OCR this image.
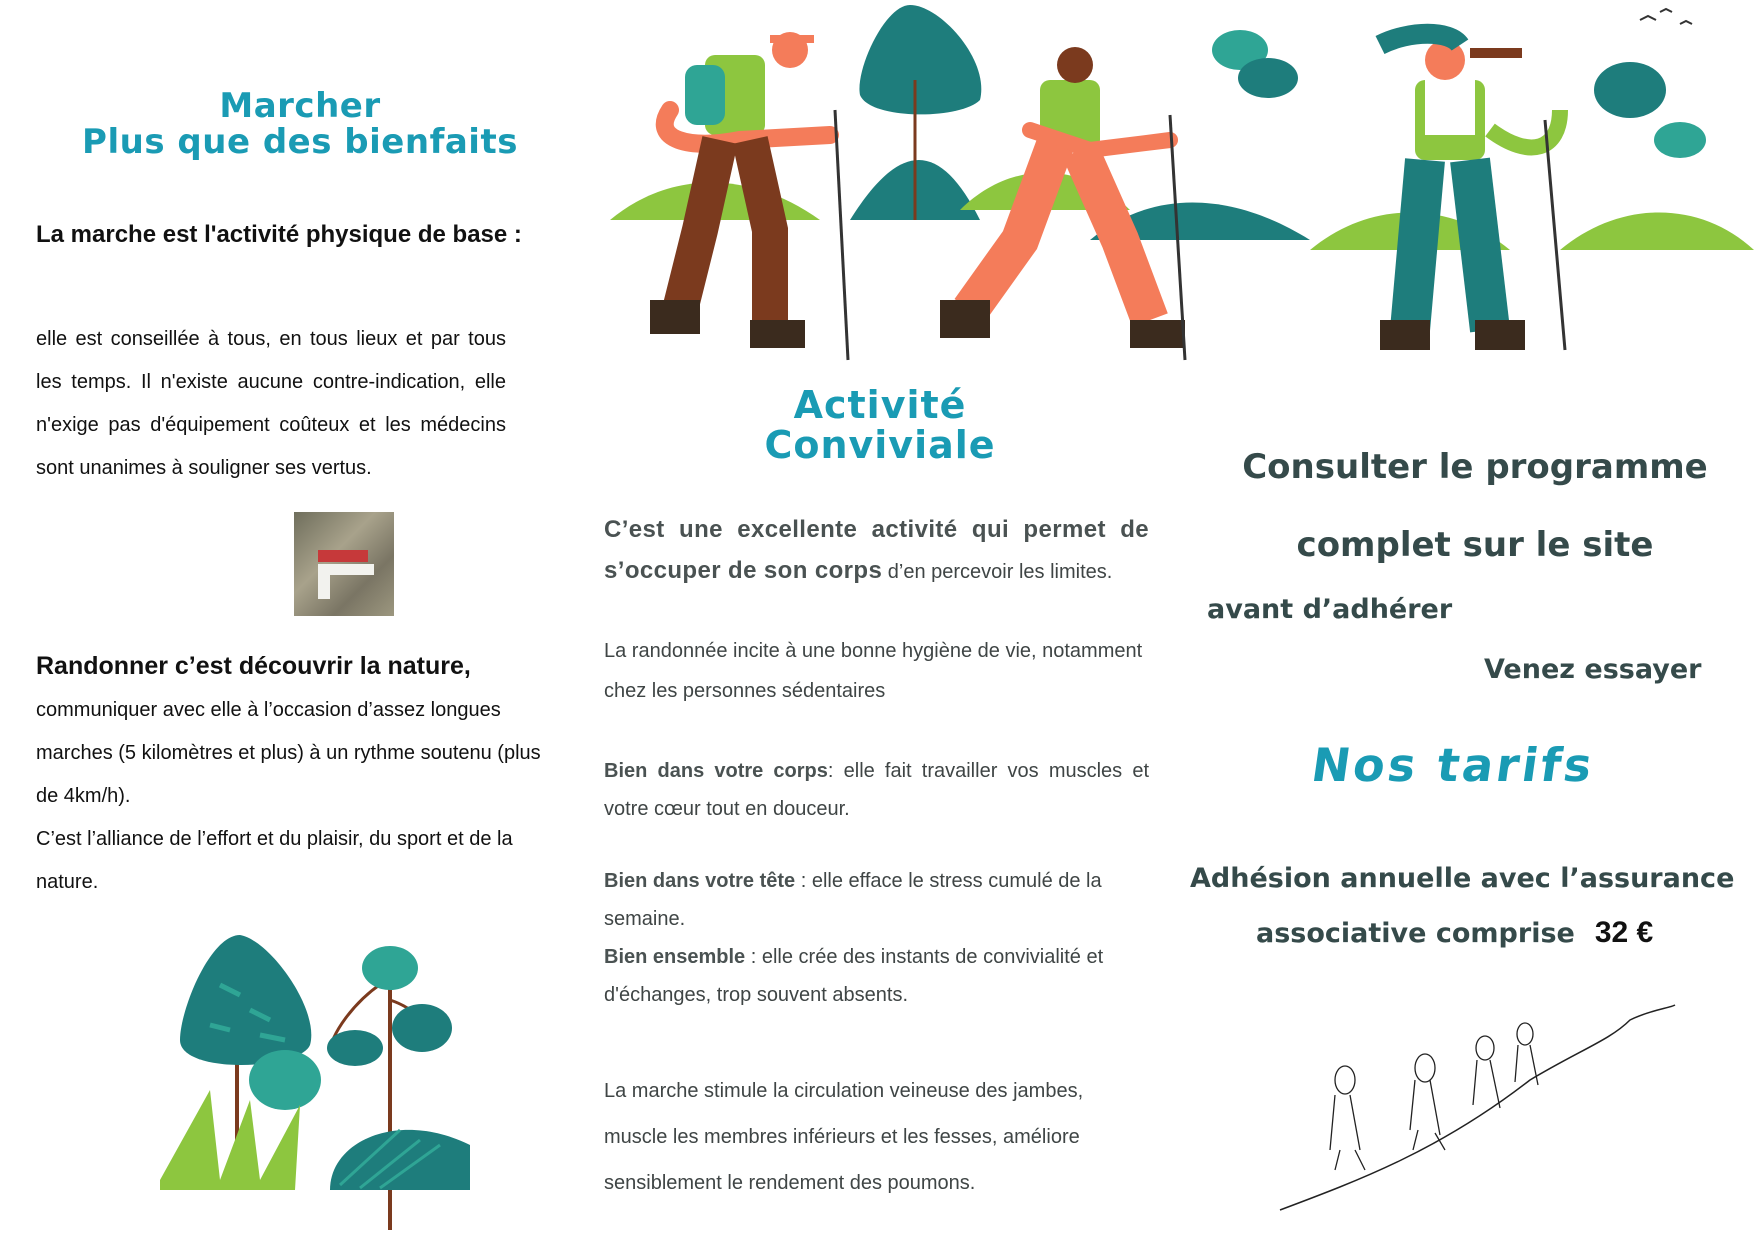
Marcher
Plus que des bienfaits
La marche est l'activité physique de base :
elle est conseillée à tous, en tous lieux et par tous les temps. Il n'existe aucune contre-indication, elle n'exige pas d'équipement coûteux et les médecins sont unanimes à souligner ses vertus.
Randonner c’est découvrir la nature,
communiquer avec elle à l’occasion d’assez longues marches (5 kilomètres et plus) à un rythme soutenu (plus de 4km/h).
C’est l’alliance de l’effort et du plaisir, du sport et de la nature.
Activité
Conviviale
C’est une excellente activité qui permet de s’occuper de son corps d’en percevoir les limites.
La randonnée incite à une bonne hygiène de vie, notamment chez les personnes sédentaires
Bien dans votre corps: elle fait travailler vos muscles et votre cœur tout en douceur.
Bien dans votre tête : elle efface le stress cumulé de la semaine.
Bien ensemble : elle crée des instants de convivialité et d'échanges, trop souvent absents.
La marche stimule la circulation veineuse des jambes, muscle les membres inférieurs et les fesses, améliore sensiblement le rendement des poumons.
Consulter le programme
complet sur le site
avant d’adhérer
Venez essayer
Nos tarifs
Adhésion annuelle avec l’assurance
associative comprise 32 €
